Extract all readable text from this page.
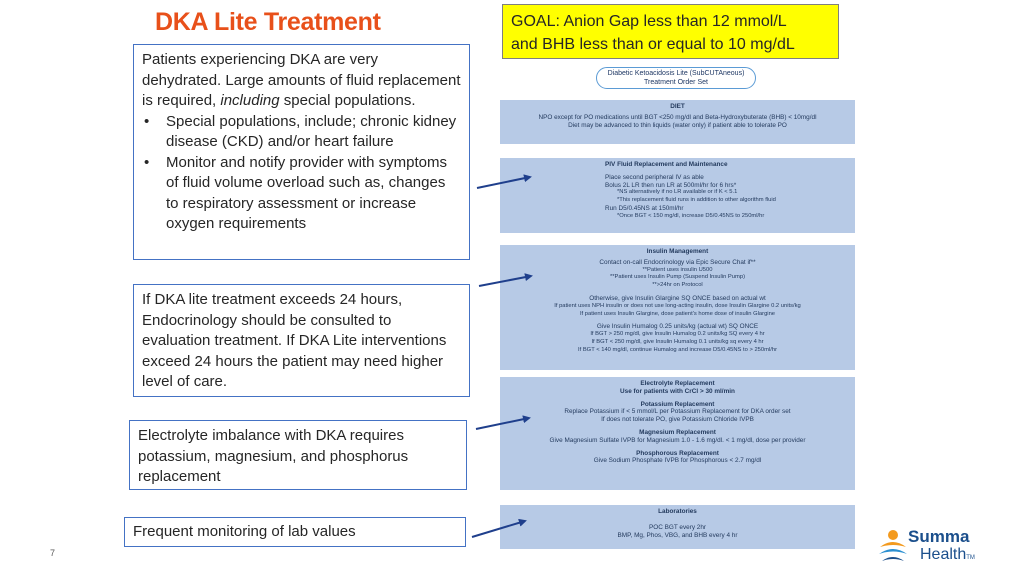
DKA Lite Treatment	GOAL: Anion Gap less than 12 mmol/L
and BHB less than or equal to 10 mg/dL

Patients experiencing DKA are very dehydrated. Large amounts of fluid replacement is required, including special populations.

• Special populations, include; chronic kidney disease (CKD) and/or heart failure
• Monitor and notify provider with symptoms of fluid volume overload such as, changes to respiratory assessment or increase oxygen requirements

If DKA lite treatment exceeds 24 hours, Endocrinology should be consulted to evaluation treatment. If DKA Lite interventions exceed 24 hours the patient may need higher level of care.

Electrolyte imbalance with DKA requires potassium, magnesium, and phosphorus replacement

Frequent monitoring of lab values

Diabetic Ketoacidosis Lite (SubCUTAneous)
Treatment Order Set
DIET
NPO except for PO medications until BGT <250 mg/dl and Beta-Hydroxybuterate (BHB) < 10mg/dl
Diet may be advanced to thin liquids (water only) if patient able to tolerate PO
PIV Fluid Replacement and Maintenance
Place second peripheral IV as able
Bolus 2L LR then run LR at 500ml/hr for 6 hrs*
*NS alternatively if no LR available or if K < 5.1
*This replacement fluid runs in addition to other algorithm fluid
Run D5/0.45NS at 150ml/hr
*Once BGT < 150 mg/dl, increase D5/0.45NS to 250ml/hr
Insulin Management
Contact on-call Endocrinology via Epic Secure Chat if**
**Patient uses insulin U500
**Patient uses Insulin Pump (Suspend Insulin Pump)
**>24hr on Protocol
Otherwise, give Insulin Glargine SQ ONCE based on actual wt
If patient uses NPH insulin or does not use long-acting insulin, dose Insulin Glargine 0.2 units/kg
If patient uses Insulin Glargine, dose patient's home dose of insulin Glargine
Give Insulin Humalog 0.25 units/kg (actual wt) SQ ONCE
If BGT > 250 mg/dl, give Insulin Humalog 0.2 units/kg SQ every 4 hr
If BGT < 250 mg/dl, give Insulin Humalog 0.1 units/kg sq every 4 hr
If BGT < 140 mg/dl, continue Humalog and increase D5/0.45NS to > 250ml/hr
Electrolyte Replacement
Use for patients with CrCl > 30 ml/min
Potassium Replacement
Replace Potassium if < 5 mmol/L per Potassium Replacement for DKA order set
If does not tolerate PO, give Potassium Chloride IVPB
Magnesium Replacement
Give Magnesium Sulfate IVPB for Magnesium 1.0 - 1.6 mg/dl. < 1 mg/dl, dose per provider
Phosphorous Replacement
Give Sodium Phosphate IVPB for Phosphorous < 2.7 mg/dl
Laboratories
POC BGT every 2hr
BMP, Mg, Phos, VBG, and BHB every 4 hr
7
Summa
HealthTM
